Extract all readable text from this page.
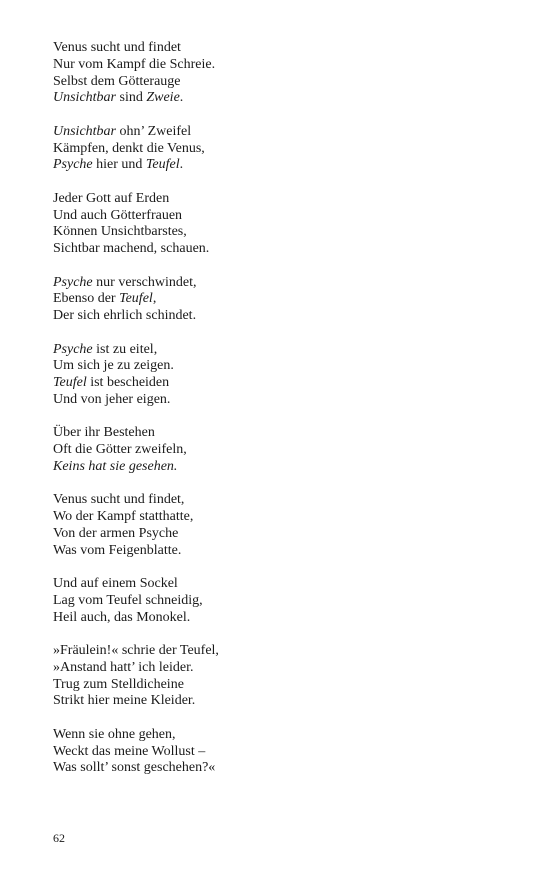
Venus sucht und findet
Nur vom Kampf die Schreie.
Selbst dem Götterauge
Unsichtbar sind Zweie.
Unsichtbar ohn’ Zweifel
Kämpfen, denkt die Venus,
Psyche hier und Teufel.
Jeder Gott auf Erden
Und auch Götterfrauen
Können Unsichtbarstes,
Sichtbar machend, schauen.
Psyche nur verschwindet,
Ebenso der Teufel,
Der sich ehrlich schindet.
Psyche ist zu eitel,
Um sich je zu zeigen.
Teufel ist bescheiden
Und von jeher eigen.
Über ihr Bestehen
Oft die Götter zweifeln,
Keins hat sie gesehen.
Venus sucht und findet,
Wo der Kampf statthatte,
Von der armen Psyche
Was vom Feigenblatte.
Und auf einem Sockel
Lag vom Teufel schneidig,
Heil auch, das Monokel.
»Fräulein!« schrie der Teufel,
»Anstand hatt’ ich leider.
Trug zum Stelldicheine
Strikt hier meine Kleider.
Wenn sie ohne gehen,
Weckt das meine Wollust –
Was sollt’ sonst geschehen?«
62
